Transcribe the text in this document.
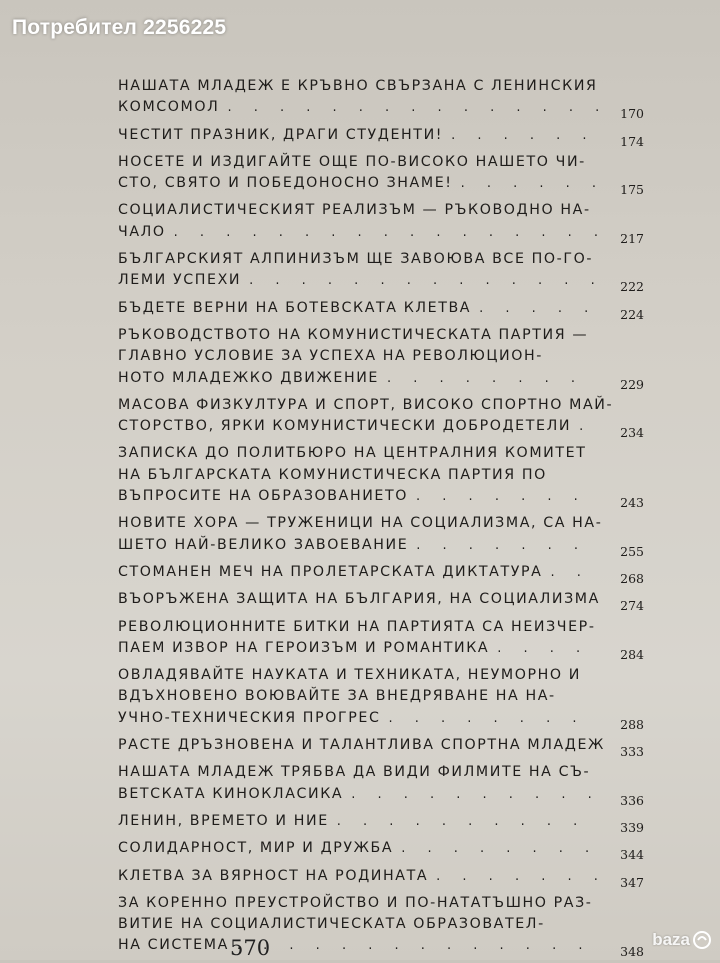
Потребител 2256225
НАШАТА МЛАДЕЖ Е КРЪВНО СВЪРЗАНА С ЛЕНИНСКИЯ
КОМСОМОЛ . . .	170
ЧЕСТИТ ПРАЗНИК, ДРАГИ СТУДЕНТИ! . . .	174
НОСЕТЕ И ИЗДИГАЙТЕ ОЩЕ ПО-ВИСОКО НАШЕТО ЧИ-
СТО, СВЯТО И ПОБЕДОНОСНО ЗНАМЕ! . . .	175
СОЦИАЛИСТИЧЕСКИЯТ РЕАЛИЗЪМ — РЪКОВОДНО НА-
ЧАЛО . . .	217
БЪЛГАРСКИЯТ АЛПИНИЗЪМ ЩЕ ЗАВОЮВА ВСЕ ПО-ГО-
ЛЕМИ УСПЕХИ . . .	222
БЪДЕТЕ ВЕРНИ НА БОТЕВСКАТА КЛЕТВА . . .	224
РЪКОВОДСТВОТО НА КОМУНИСТИЧЕСКАТА ПАРТИЯ —
ГЛАВНО УСЛОВИЕ ЗА УСПЕХА НА РЕВОЛЮЦИОН-
НОТО МЛАДЕЖКО ДВИЖЕНИЕ . . .	229
МАСОВА ФИЗКУЛТУРА И СПОРТ, ВИСОКО СПОРТНО МАЙ-
СТОРСТВО, ЯРКИ КОМУНИСТИЧЕСКИ ДОБРОДЕТЕЛИ . . .	234
ЗАПИСКА ДО ПОЛИТБЮРО НА ЦЕНТРАЛНИЯ КОМИТЕТ
НА БЪЛГАРСКАТА КОМУНИСТИЧЕСКА ПАРТИЯ ПО
ВЪПРОСИТЕ НА ОБРАЗОВАНИЕТО . . .	243
НОВИТЕ ХОРА — ТРУЖЕНИЦИ НА СОЦИАЛИЗМА, СА НА-
ШЕТО НАЙ-ВЕЛИКО ЗАВОЕВАНИЕ . . .	255
СТОМАНЕН МЕЧ НА ПРОЛЕТАРСКАТА ДИКТАТУРА . . .	268
ВЪОРЪЖЕНА ЗАЩИТА НА БЪЛГАРИЯ, НА СОЦИАЛИЗМА 274
РЕВОЛЮЦИОННИТЕ БИТКИ НА ПАРТИЯТА СА НЕИЗЧЕР-
ПАЕМ ИЗВОР НА ГЕРОИЗЪМ И РОМАНТИКА . . .	284
ОВЛАДЯВАЙТЕ НАУКАТА И ТЕХНИКАТА, НЕУМОРНО И
ВДЪХНОВЕНО ВОЮВАЙТЕ ЗА ВНЕДРЯВАНЕ НА НА-
УЧНО-ТЕХНИЧЕСКИЯ ПРОГРЕС . . .	288
РАСТЕ ДРЪЗНОВЕНА И ТАЛАНТЛИВА СПОРТНА МЛАДЕЖ 333
НАШАТА МЛАДЕЖ ТРЯБВА ДА ВИДИ ФИЛМИТЕ НА СЪ-
ВЕТСКАТА КИНОКЛАСИКА . . .	336
ЛЕНИН, ВРЕМЕТО И НИЕ . . .	339
СОЛИДАРНОСТ, МИР И ДРУЖБА . . .	344
КЛЕТВА ЗА ВЯРНОСТ НА РОДИНАТА . . .	347
ЗА КОРЕННО ПРЕУСТРОЙСТВО И ПО-НАТАТЪШНО РАЗ-
ВИТИЕ НА СОЦИАЛИСТИЧЕСКАТА ОБРАЗОВАТЕЛ-
НА СИСТЕМА . . .	348
570	baza
